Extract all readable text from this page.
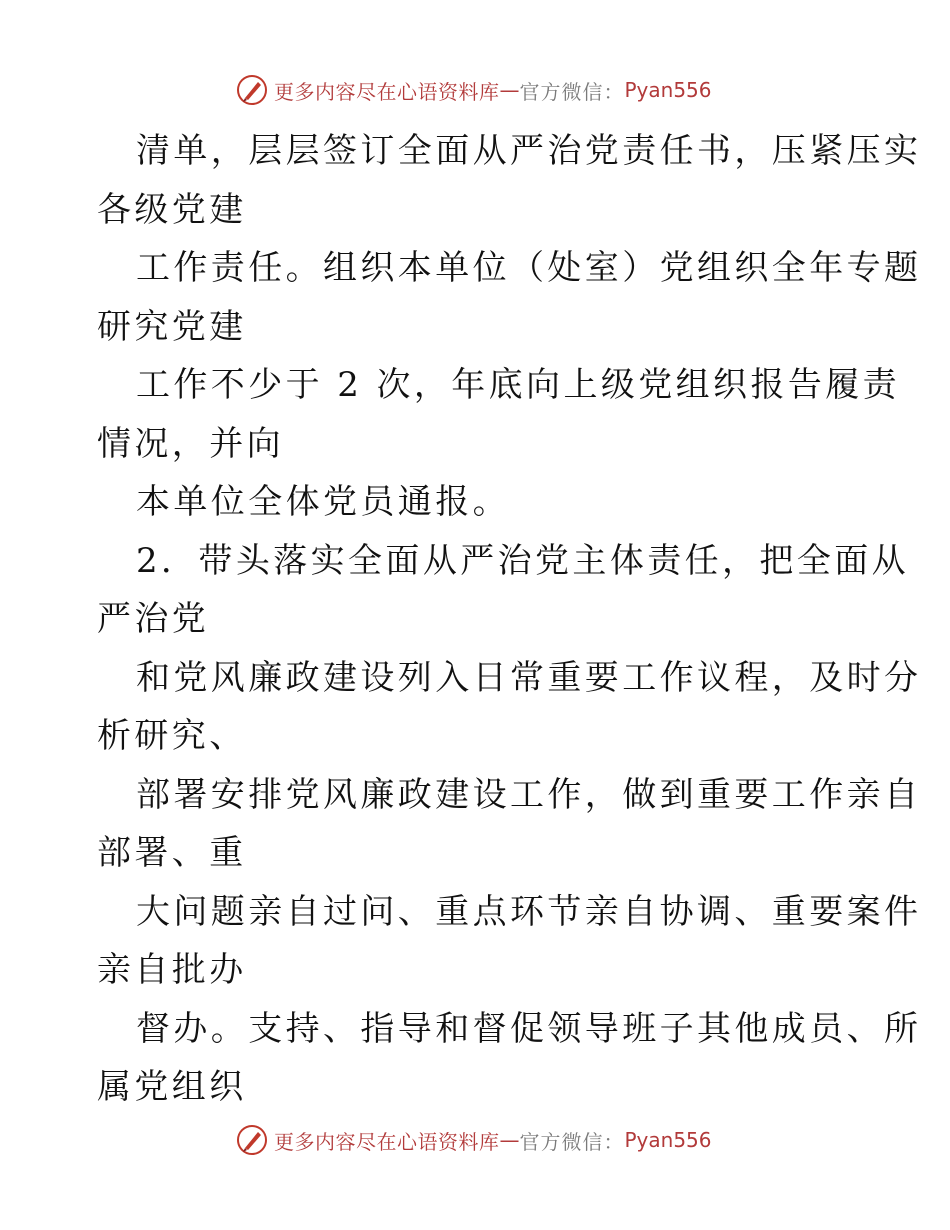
更多内容尽在心语资料库 — 官方微信： Pyan556
清单，层层签订全面从严治党责任书，压紧压实
各级党建
工作责任。组织本单位（处室）党组织全年专题
研究党建
工作不少于 2 次，年底向上级党组织报告履责
情况，并向
本单位全体党员通报。
2．带头落实全面从严治党主体责任，把全面从
严治党
和党风廉政建设列入日常重要工作议程，及时分
析研究、
部署安排党风廉政建设工作，做到重要工作亲自
部署、重
大问题亲自过问、重点环节亲自协调、重要案件
亲自批办
督办。支持、指导和督促领导班子其他成员、所
属党组织
更多内容尽在心语资料库 — 官方微信： Pyan556
